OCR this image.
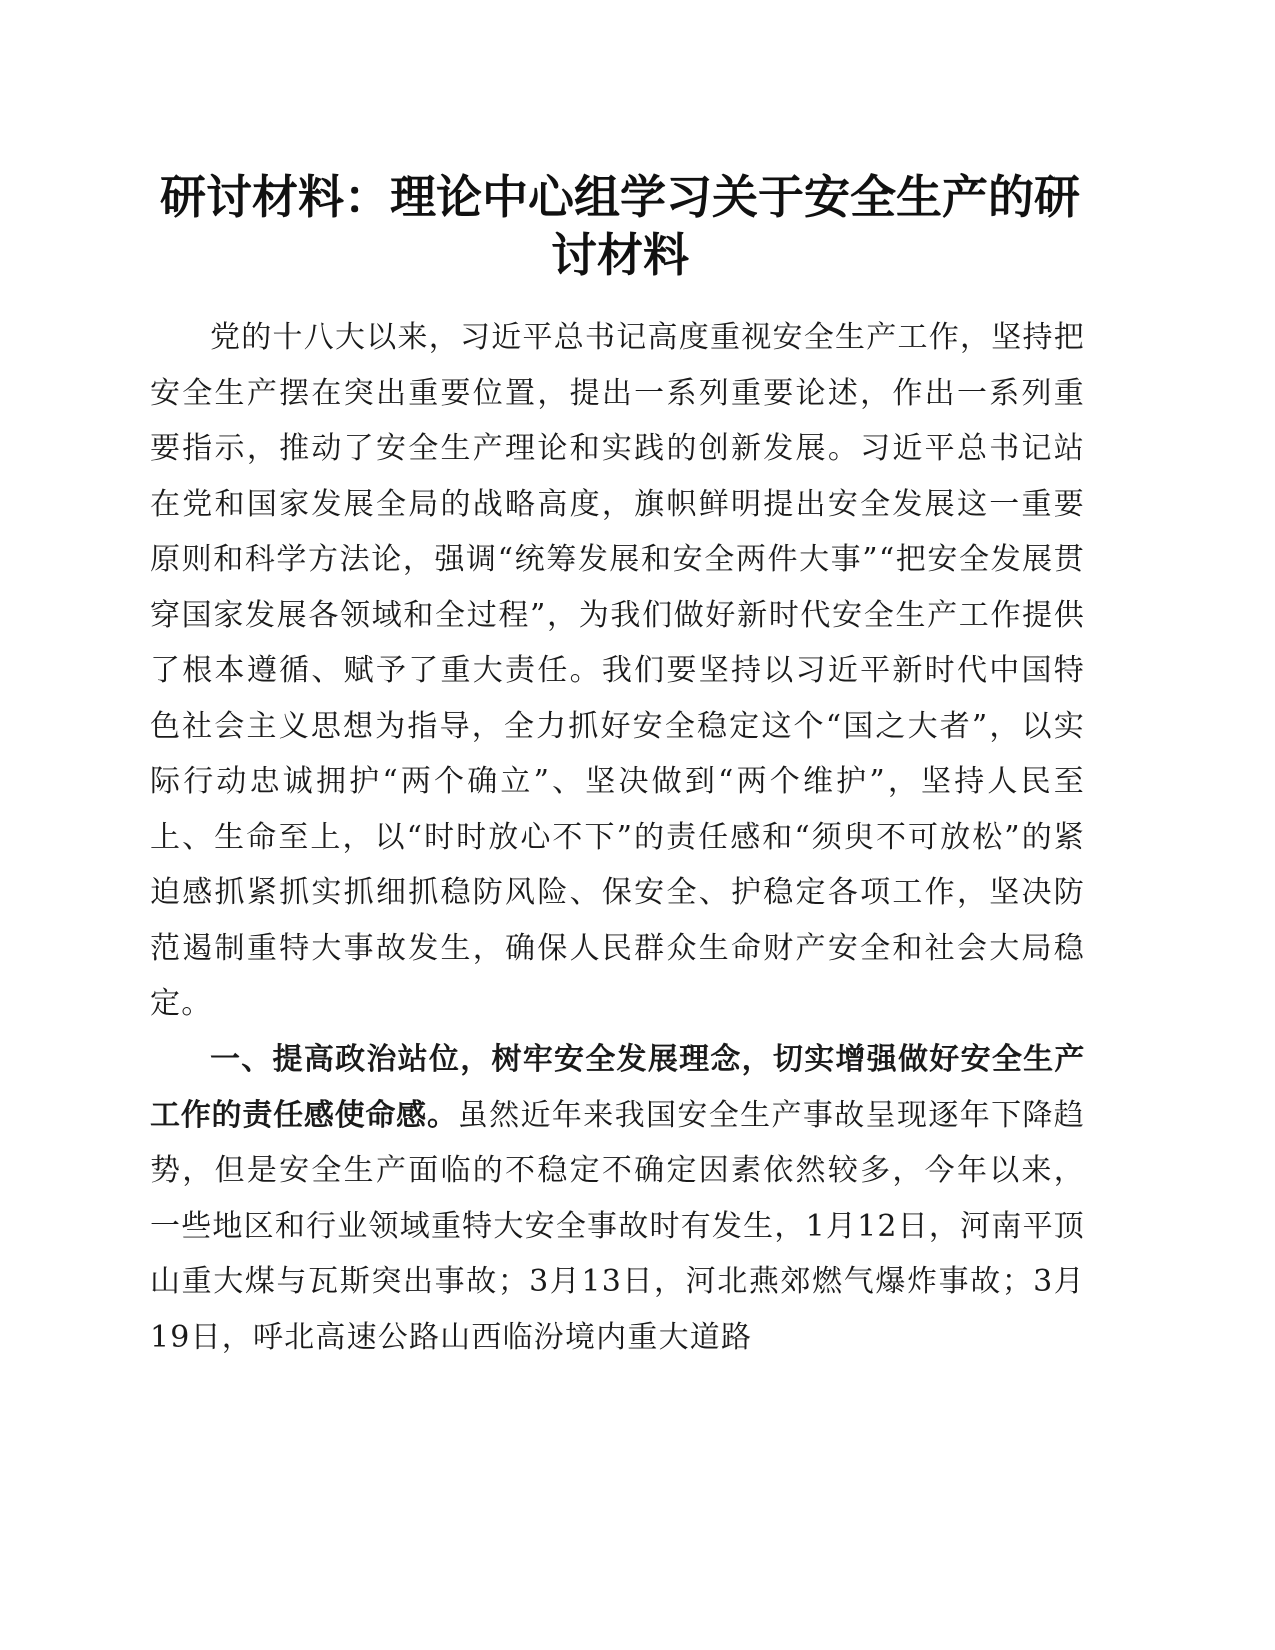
研讨材料：理论中心组学习关于安全生产的研讨材料

党的十八大以来，习近平总书记高度重视安全生产工作，坚持把安全生产摆在突出重要位置，提出一系列重要论述，作出一系列重要指示，推动了安全生产理论和实践的创新发展。习近平总书记站在党和国家发展全局的战略高度，旗帜鲜明提出安全发展这一重要原则和科学方法论，强调“统筹发展和安全两件大事”“把安全发展贯穿国家发展各领域和全过程”，为我们做好新时代安全生产工作提供了根本遵循、赋予了重大责任。我们要坚持以习近平新时代中国特色社会主义思想为指导，全力抓好安全稳定这个“国之大者”，以实际行动忠诚拥护“两个确立”、坚决做到“两个维护”，坚持人民至上、生命至上，以“时时放心不下”的责任感和“须臾不可放松”的紧迫感抓紧抓实抓细抓稳防风险、保安全、护稳定各项工作，坚决防范遏制重特大事故发生，确保人民群众生命财产安全和社会大局稳定。

一、提高政治站位，树牢安全发展理念，切实增强做好安全生产工作的责任感使命感。虽然近年来我国安全生产事故呈现逐年下降趋势，但是安全生产面临的不稳定不确定因素依然较多，今年以来，一些地区和行业领域重特大安全事故时有发生，1月12日，河南平顶山重大煤与瓦斯突出事故；3月13日，河北燕郊燃气爆炸事故；3月19日，呼北高速公路山西临汾境内重大道路
